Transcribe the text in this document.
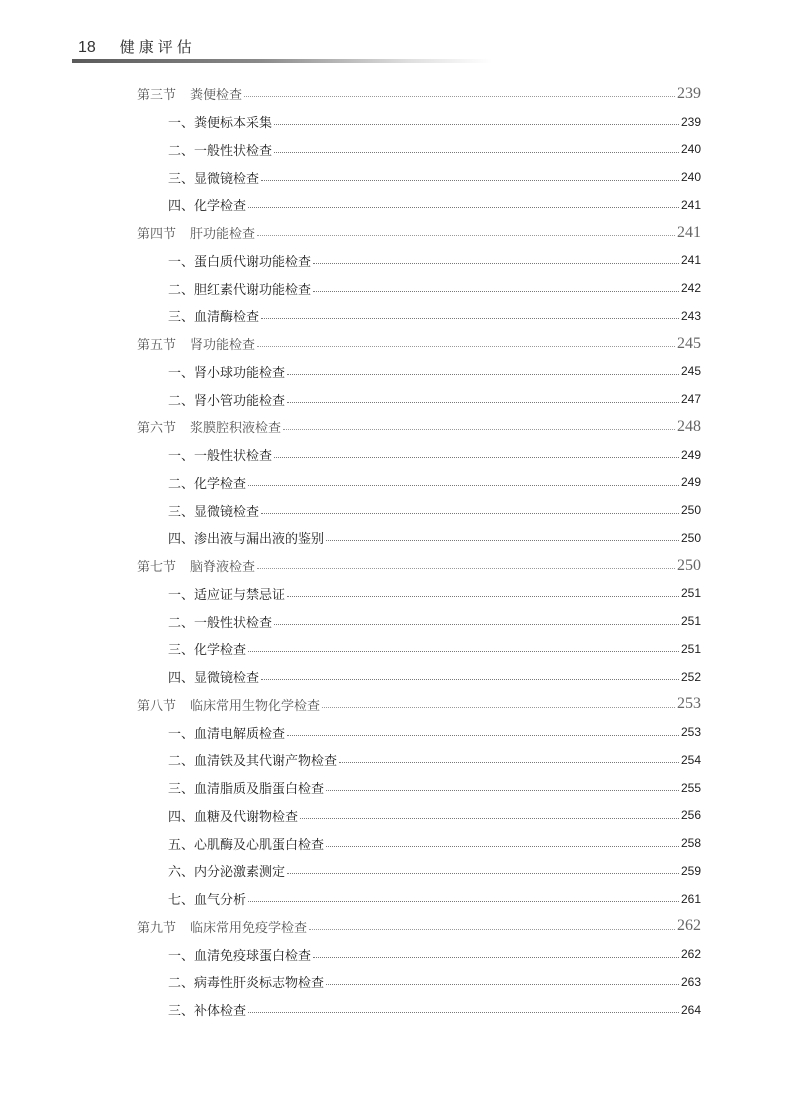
18 健康评估
第三节 粪便检查	239
一、粪便标本采集	239
二、一般性状检查	240
三、显微镜检查	240
四、化学检查	241
第四节 肝功能检查	241
一、蛋白质代谢功能检查	241
二、胆红素代谢功能检查	242
三、血清酶检查	243
第五节 肾功能检查	245
一、肾小球功能检查	245
二、肾小管功能检查	247
第六节 浆膜腔积液检查	248
一、一般性状检查	249
二、化学检查	249
三、显微镜检查	250
四、渗出液与漏出液的鉴别	250
第七节 脑脊液检查	250
一、适应证与禁忌证	251
二、一般性状检查	251
三、化学检查	251
四、显微镜检查	252
第八节 临床常用生物化学检查	253
一、血清电解质检查	253
二、血清铁及其代谢产物检查	254
三、血清脂质及脂蛋白检查	255
四、血糖及代谢物检查	256
五、心肌酶及心肌蛋白检查	258
六、内分泌激素测定	259
七、血气分析	261
第九节 临床常用免疫学检查	262
一、血清免疫球蛋白检查	262
二、病毒性肝炎标志物检查	263
三、补体检查	264
